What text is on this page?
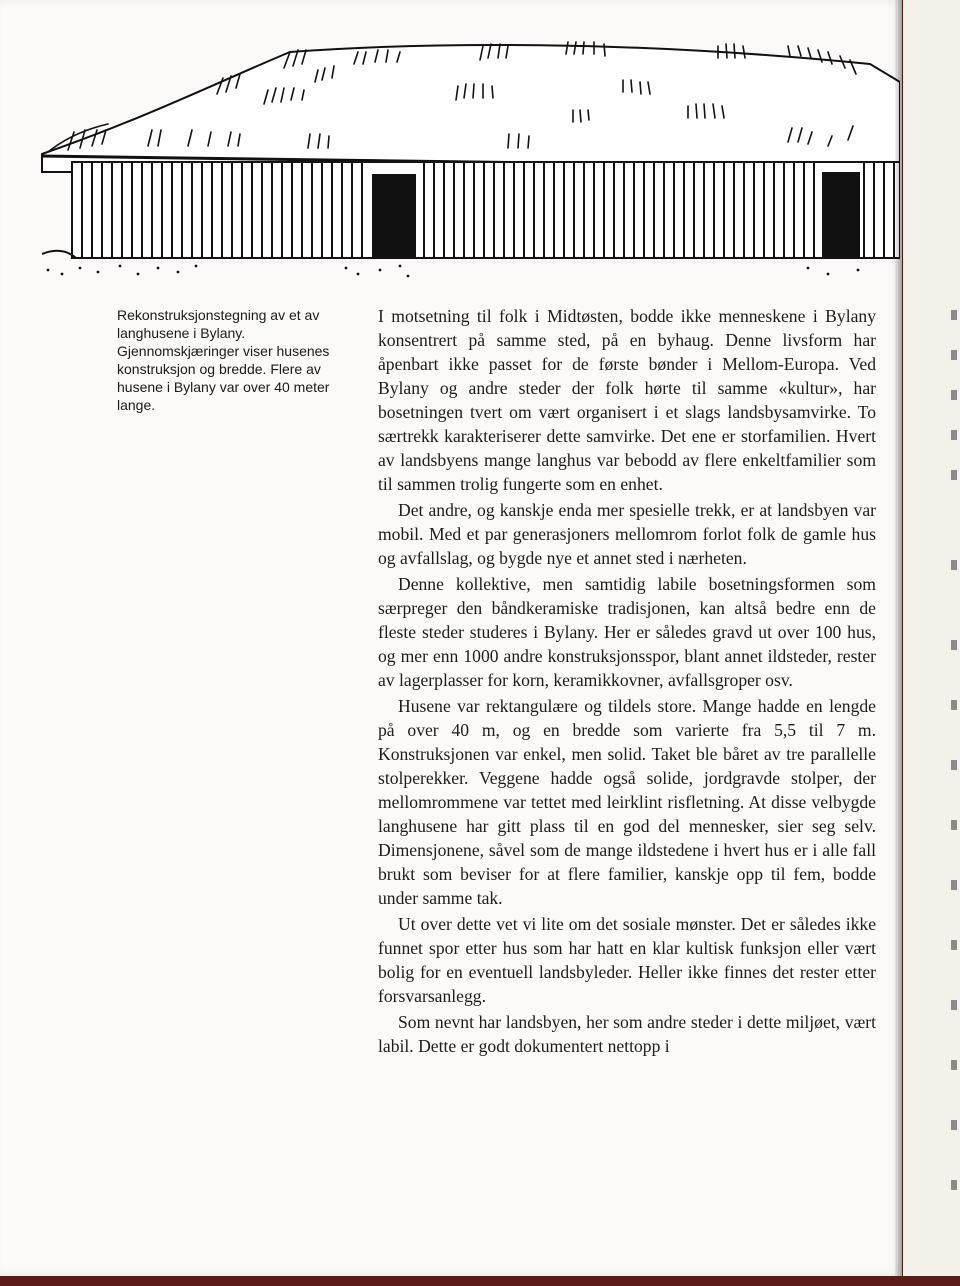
Rekonstruksjonstegning av et av langhusene i Bylany. Gjennomskjæringer viser husenes konstruksjon og bredde. Flere av husene i Bylany var over 40 meter lange.

I motsetning til folk i Midtøsten, bodde ikke menneskene i Bylany konsentrert på samme sted, på en byhaug. Denne livsform har åpenbart ikke passet for de første bønder i Mellom-Europa. Ved Bylany og andre steder der folk hørte til samme «kultur», har bosetningen tvert om vært organisert i et slags landsbysamvirke. To særtrekk karakteriserer dette samvirke. Det ene er storfamilien. Hvert av landsbyens mange langhus var bebodd av flere enkeltfamilier som til sammen trolig fungerte som en enhet.

Det andre, og kanskje enda mer spesielle trekk, er at landsbyen var mobil. Med et par generasjoners mellomrom forlot folk de gamle hus og avfallslag, og bygde nye et annet sted i nærheten.

Denne kollektive, men samtidig labile bosetningsformen som særpreger den båndkeramiske tradisjonen, kan altså bedre enn de fleste steder studeres i Bylany. Her er således gravd ut over 100 hus, og mer enn 1000 andre konstruksjonsspor, blant annet ildsteder, rester av lagerplasser for korn, keramikkovner, avfallsgroper osv.

Husene var rektangulære og tildels store. Mange hadde en lengde på over 40 m, og en bredde som varierte fra 5,5 til 7 m. Konstruksjonen var enkel, men solid. Taket ble båret av tre parallelle stolperekker. Veggene hadde også solide, jordgravde stolper, der mellomrommene var tettet med leirklint risfletning. At disse velbygde langhusene har gitt plass til en god del mennesker, sier seg selv. Dimensjonene, såvel som de mange ildstedene i hvert hus er i alle fall brukt som beviser for at flere familier, kanskje opp til fem, bodde under samme tak.

Ut over dette vet vi lite om det sosiale mønster. Det er således ikke funnet spor etter hus som har hatt en klar kultisk funksjon eller vært bolig for en eventuell landsbyleder. Heller ikke finnes det rester etter forsvarsanlegg.

Som nevnt har landsbyen, her som andre steder i dette miljøet, vært labil. Dette er godt dokumentert nettopp i
